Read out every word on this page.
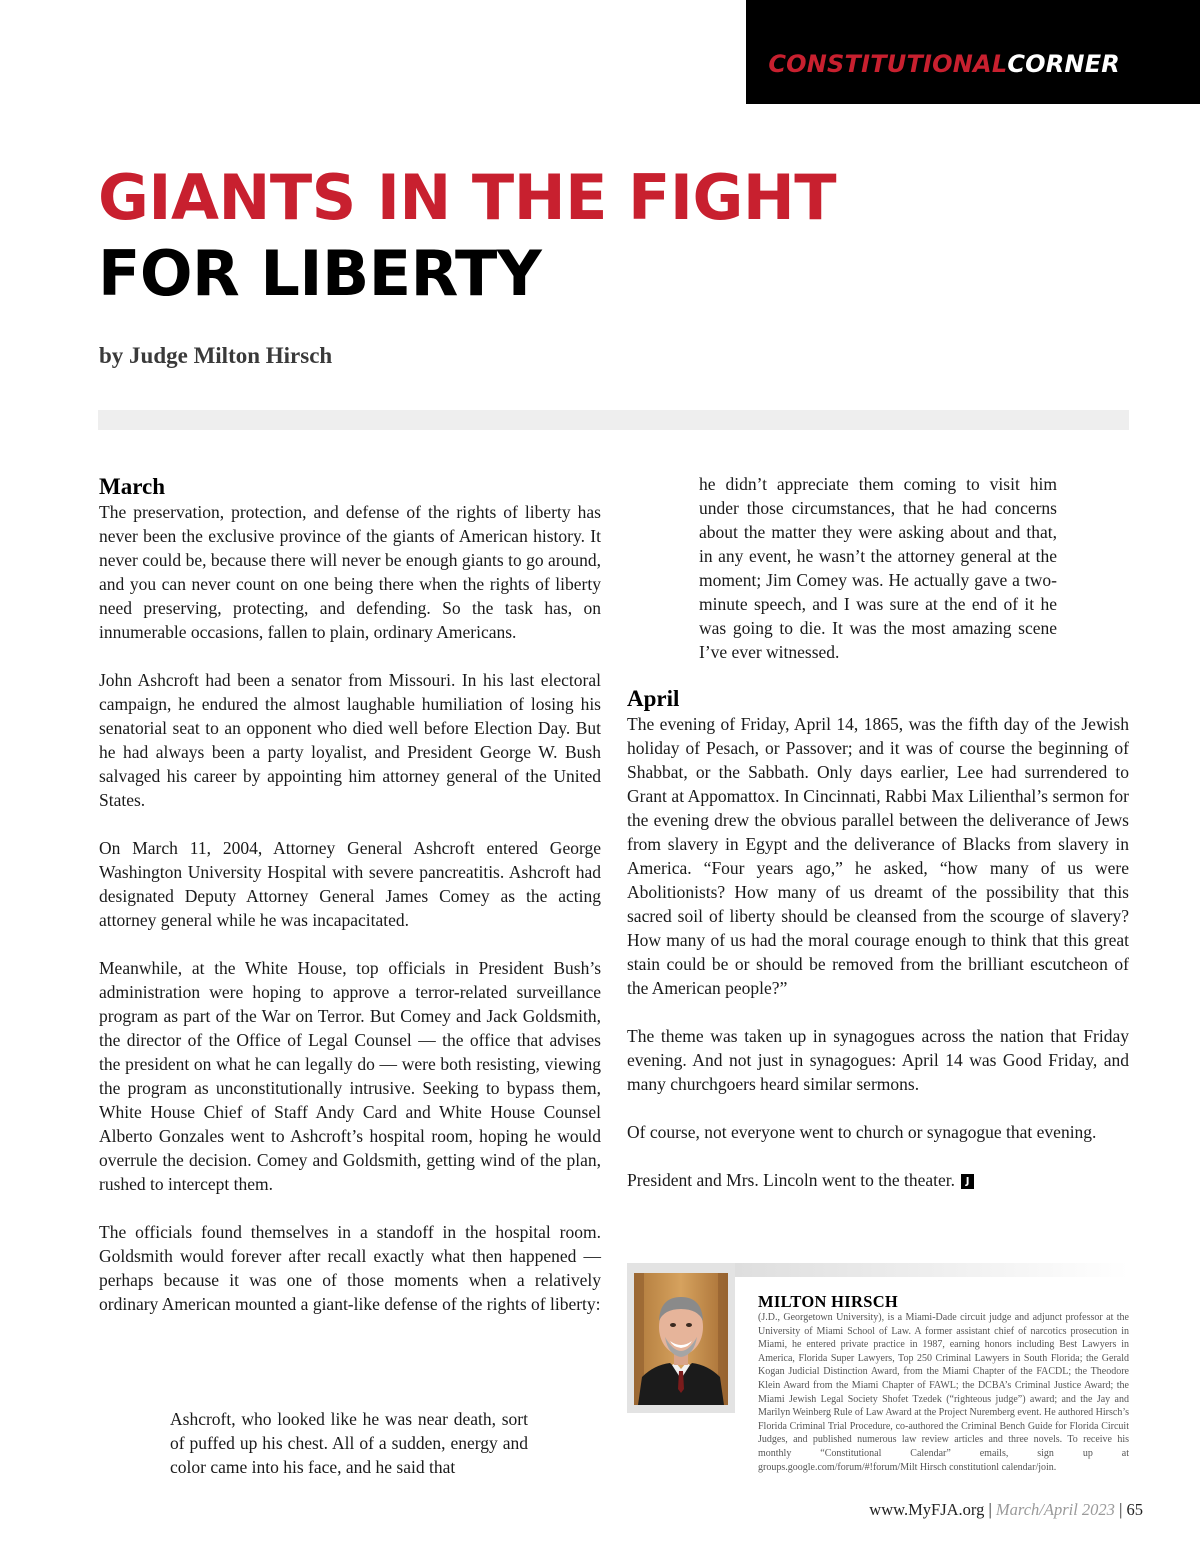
CONSTITUTIONALCORNER
GIANTS IN THE FIGHT
FOR LIBERTY
by Judge Milton Hirsch
March

The preservation, protection, and defense of the rights of liberty has never been the exclusive province of the giants of American history. It never could be, because there will never be enough giants to go around, and you can never count on one being there when the rights of liberty need preserving, protecting, and defending. So the task has, on innumerable occasions, fallen to plain, ordinary Americans.

John Ashcroft had been a senator from Missouri. In his last electoral campaign, he endured the almost laughable humiliation of losing his senatorial seat to an opponent who died well before Election Day. But he had always been a party loyalist, and President George W. Bush salvaged his career by appointing him attorney general of the United States.

On March 11, 2004, Attorney General Ashcroft entered George Washington University Hospital with severe pancreatitis. Ashcroft had designated Deputy Attorney General James Comey as the acting attorney general while he was incapacitated.

Meanwhile, at the White House, top officials in President Bush’s administration were hoping to approve a terror-related surveillance program as part of the War on Terror. But Comey and Jack Goldsmith, the director of the Office of Legal Counsel — the office that advises the president on what he can legally do — were both resisting, viewing the program as unconstitutionally intrusive. Seeking to bypass them, White House Chief of Staff Andy Card and White House Counsel Alberto Gonzales went to Ashcroft’s hospital room, hoping he would overrule the decision. Comey and Goldsmith, getting wind of the plan, rushed to intercept them.

The officials found themselves in a standoff in the hospital room. Goldsmith would forever after recall exactly what then happened — perhaps because it was one of those moments when a relatively ordinary American mounted a giant-like defense of the rights of liberty:

Ashcroft, who looked like he was near death, sort of puffed up his chest. All of a sudden, energy and color came into his face, and he said that
he didn’t appreciate them coming to visit him under those circumstances, that he had concerns about the matter they were asking about and that, in any event, he wasn’t the attorney general at the moment; Jim Comey was. He actually gave a two-minute speech, and I was sure at the end of it he was going to die. It was the most amazing scene I’ve ever witnessed.
April

The evening of Friday, April 14, 1865, was the fifth day of the Jewish holiday of Pesach, or Passover; and it was of course the beginning of Shabbat, or the Sabbath. Only days earlier, Lee had surrendered to Grant at Appomattox. In Cincinnati, Rabbi Max Lilienthal’s sermon for the evening drew the obvious parallel between the deliverance of Jews from slavery in Egypt and the deliverance of Blacks from slavery in America. “Four years ago,” he asked, “how many of us were Abolitionists? How many of us dreamt of the possibility that this sacred soil of liberty should be cleansed from the scourge of slavery? How many of us had the moral courage enough to think that this great stain could be or should be removed from the brilliant escutcheon of the American people?”

The theme was taken up in synagogues across the nation that Friday evening. And not just in synagogues: April 14 was Good Friday, and many churchgoers heard similar sermons.

Of course, not everyone went to church or synagogue that evening.

President and Mrs. Lincoln went to the theater. J

MILTON HIRSCH
(J.D., Georgetown University), is a Miami-Dade circuit judge and adjunct professor at the University of Miami School of Law. A former assistant chief of narcotics prosecution in Miami, he entered private practice in 1987, earning honors including Best Lawyers in America, Florida Super Lawyers, Top 250 Criminal Lawyers in South Florida; the Gerald Kogan Judicial Distinction Award, from the Miami Chapter of the FACDL; the Theodore Klein Award from the Miami Chapter of FAWL; the DCBA’s Criminal Justice Award; the Miami Jewish Legal Society Shofet Tzedek (“righteous judge”) award; and the Jay and Marilyn Weinberg Rule of Law Award at the Project Nuremberg event. He authored Hirsch’s Florida Criminal Trial Procedure, co-authored the Criminal Bench Guide for Florida Circuit Judges, and published numerous law review articles and three novels. To receive his monthly “Constitutional Calendar” emails, sign up at groups.google.com/forum/#!forum/Milt Hirsch constitutionl calendar/join.
www.MyFJA.org | March/April 2023 | 65
